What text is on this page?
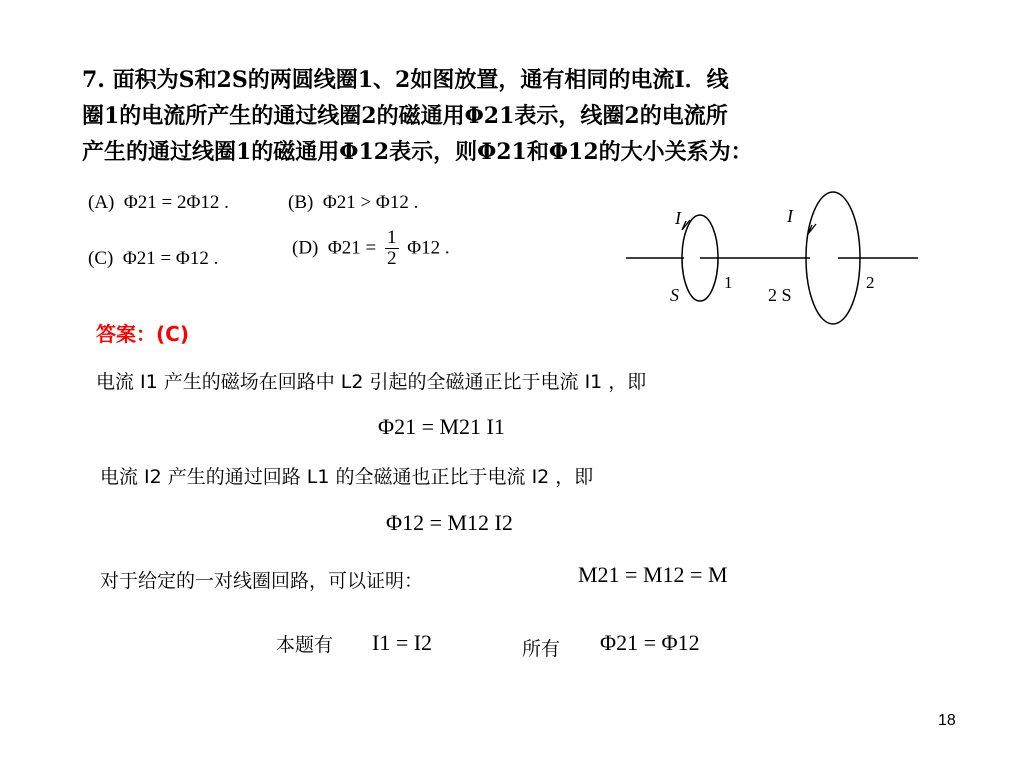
7. 面积为S和2S的两圆线圈1、2如图放置，通有相同的电流I．线
圈1的电流所产生的通过线圈2的磁通用Φ21表示，线圈2的电流所
产生的通过线圈1的磁通用Φ12表示，则Φ21和Φ12的大小关系为：
(A) Φ21 = 2Φ12 .	(B) Φ21 > Φ12 .
(C) Φ21 = Φ12 .	(D) $\Phi 21 = \frac{1}{2} \Phi 12$ .
I	I
1	2
S	2 S
答案：(C)
电流 I1 产生的磁场在回路中 L2 引起的全磁通正比于电流 I1 ，即
Φ21 = M21 I1
电流 I2 产生的通过回路 L1 的全磁通也正比于电流 I2 ，即
Φ12 = M12 I2
对于给定的一对线圈回路，可以证明：	M21 = M12 = M
本题有 I1 = I2	所有 Φ21 = Φ12
18
